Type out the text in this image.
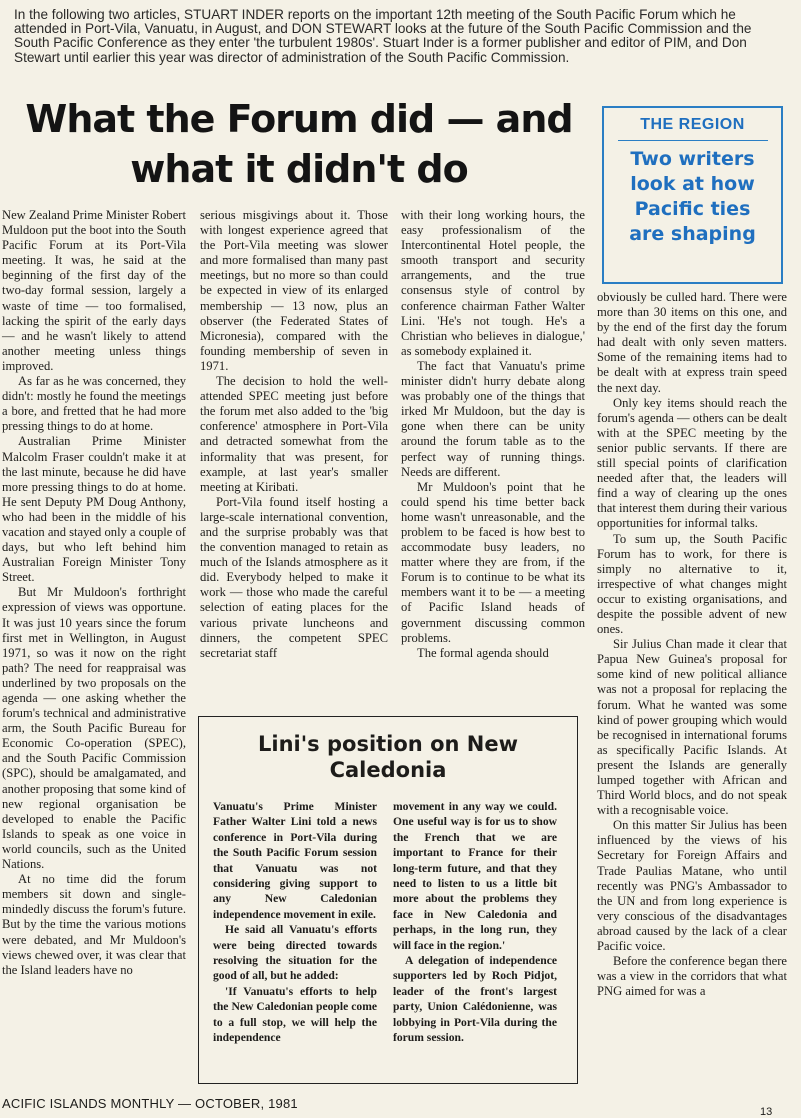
In the following two articles, STUART INDER reports on the important 12th meeting of the South Pacific Forum which he attended in Port-Vila, Vanuatu, in August, and DON STEWART looks at the future of the South Pacific Commission and the South Pacific Conference as they enter 'the turbulent 1980s'. Stuart Inder is a former publisher and editor of PIM, and Don Stewart until earlier this year was director of administration of the South Pacific Commission.

What the Forum did — and what it didn't do
THE REGION
Two writers look at how Pacific ties are shaping

New Zealand Prime Minister Robert Muldoon put the boot into the South Pacific Forum at its Port-Vila meeting. It was, he said at the beginning of the first day of the two-day formal session, largely a waste of time — too formalised, lacking the spirit of the early days — and he wasn't likely to attend another meeting unless things improved.

As far as he was concerned, they didn't: mostly he found the meetings a bore, and fretted that he had more pressing things to do at home.

Australian Prime Minister Malcolm Fraser couldn't make it at the last minute, because he did have more pressing things to do at home. He sent Deputy PM Doug Anthony, who had been in the middle of his vacation and stayed only a couple of days, but who left behind him Australian Foreign Minister Tony Street.

But Mr Muldoon's forthright expression of views was opportune. It was just 10 years since the forum first met in Wellington, in August 1971, so was it now on the right path? The need for reappraisal was underlined by two proposals on the agenda — one asking whether the forum's technical and administrative arm, the South Pacific Bureau for Economic Co-operation (SPEC), and the South Pacific Commission (SPC), should be amalgamated, and another proposing that some kind of new regional organisation be developed to enable the Pacific Islands to speak as one voice in world councils, such as the United Nations.

At no time did the forum members sit down and single-mindedly discuss the forum's future. But by the time the various motions were debated, and Mr Muldoon's views chewed over, it was clear that the Island leaders have no

serious misgivings about it. Those with longest experience agreed that the Port-Vila meeting was slower and more formalised than many past meetings, but no more so than could be expected in view of its enlarged membership — 13 now, plus an observer (the Federated States of Micronesia), compared with the founding membership of seven in 1971.

The decision to hold the well-attended SPEC meeting just before the forum met also added to the 'big conference' atmosphere in Port-Vila and detracted somewhat from the informality that was present, for example, at last year's smaller meeting at Kiribati.

Port-Vila found itself hosting a large-scale international convention, and the surprise probably was that the convention managed to retain as much of the Islands atmosphere as it did. Everybody helped to make it work — those who made the careful selection of eating places for the various private luncheons and dinners, the competent SPEC secretariat staff

with their long working hours, the easy professionalism of the Intercontinental Hotel people, the smooth transport and security arrangements, and the true consensus style of control by conference chairman Father Walter Lini. 'He's not tough. He's a Christian who believes in dialogue,' as somebody explained it.

The fact that Vanuatu's prime minister didn't hurry debate along was probably one of the things that irked Mr Muldoon, but the day is gone when there can be unity around the forum table as to the perfect way of running things. Needs are different.

Mr Muldoon's point that he could spend his time better back home wasn't unreasonable, and the problem to be faced is how best to accommodate busy leaders, no matter where they are from, if the Forum is to continue to be what its members want it to be — a meeting of Pacific Island heads of government discussing common problems.

The formal agenda should

obviously be culled hard. There were more than 30 items on this one, and by the end of the first day the forum had dealt with only seven matters. Some of the remaining items had to be dealt with at express train speed the next day.

Only key items should reach the forum's agenda — others can be dealt with at the SPEC meeting by the senior public servants. If there are still special points of clarification needed after that, the leaders will find a way of clearing up the ones that interest them during their various opportunities for informal talks.

To sum up, the South Pacific Forum has to work, for there is simply no alternative to it, irrespective of what changes might occur to existing organisations, and despite the possible advent of new ones.

Sir Julius Chan made it clear that Papua New Guinea's proposal for some kind of new political alliance was not a proposal for replacing the forum. What he wanted was some kind of power grouping which would be recognised in international forums as specifically Pacific Islands. At present the Islands are generally lumped together with African and Third World blocs, and do not speak with a recognisable voice.

On this matter Sir Julius has been influenced by the views of his Secretary for Foreign Affairs and Trade Paulias Matane, who until recently was PNG's Ambassador to the UN and from long experience is very conscious of the disadvantages abroad caused by the lack of a clear Pacific voice.

Before the conference began there was a view in the corridors that what PNG aimed for was a

Lini's position on New Caledonia

Vanuatu's Prime Minister Father Walter Lini told a news conference in Port-Vila during the South Pacific Forum session that Vanuatu was not considering giving support to any New Caledonian independence movement in exile.

He said all Vanuatu's efforts were being directed towards resolving the situation for the good of all, but he added:

'If Vanuatu's efforts to help the New Caledonian people come to a full stop, we will help the independence

movement in any way we could. One useful way is for us to show the French that we are important to France for their long-term future, and that they need to listen to us a little bit more about the problems they face in New Caledonia and perhaps, in the long run, they will face in the region.'

A delegation of independence supporters led by Roch Pidjot, leader of the front's largest party, Union Calédonienne, was lobbying in Port-Vila during the forum session.

ACIFIC ISLANDS MONTHLY — OCTOBER, 1981
13
